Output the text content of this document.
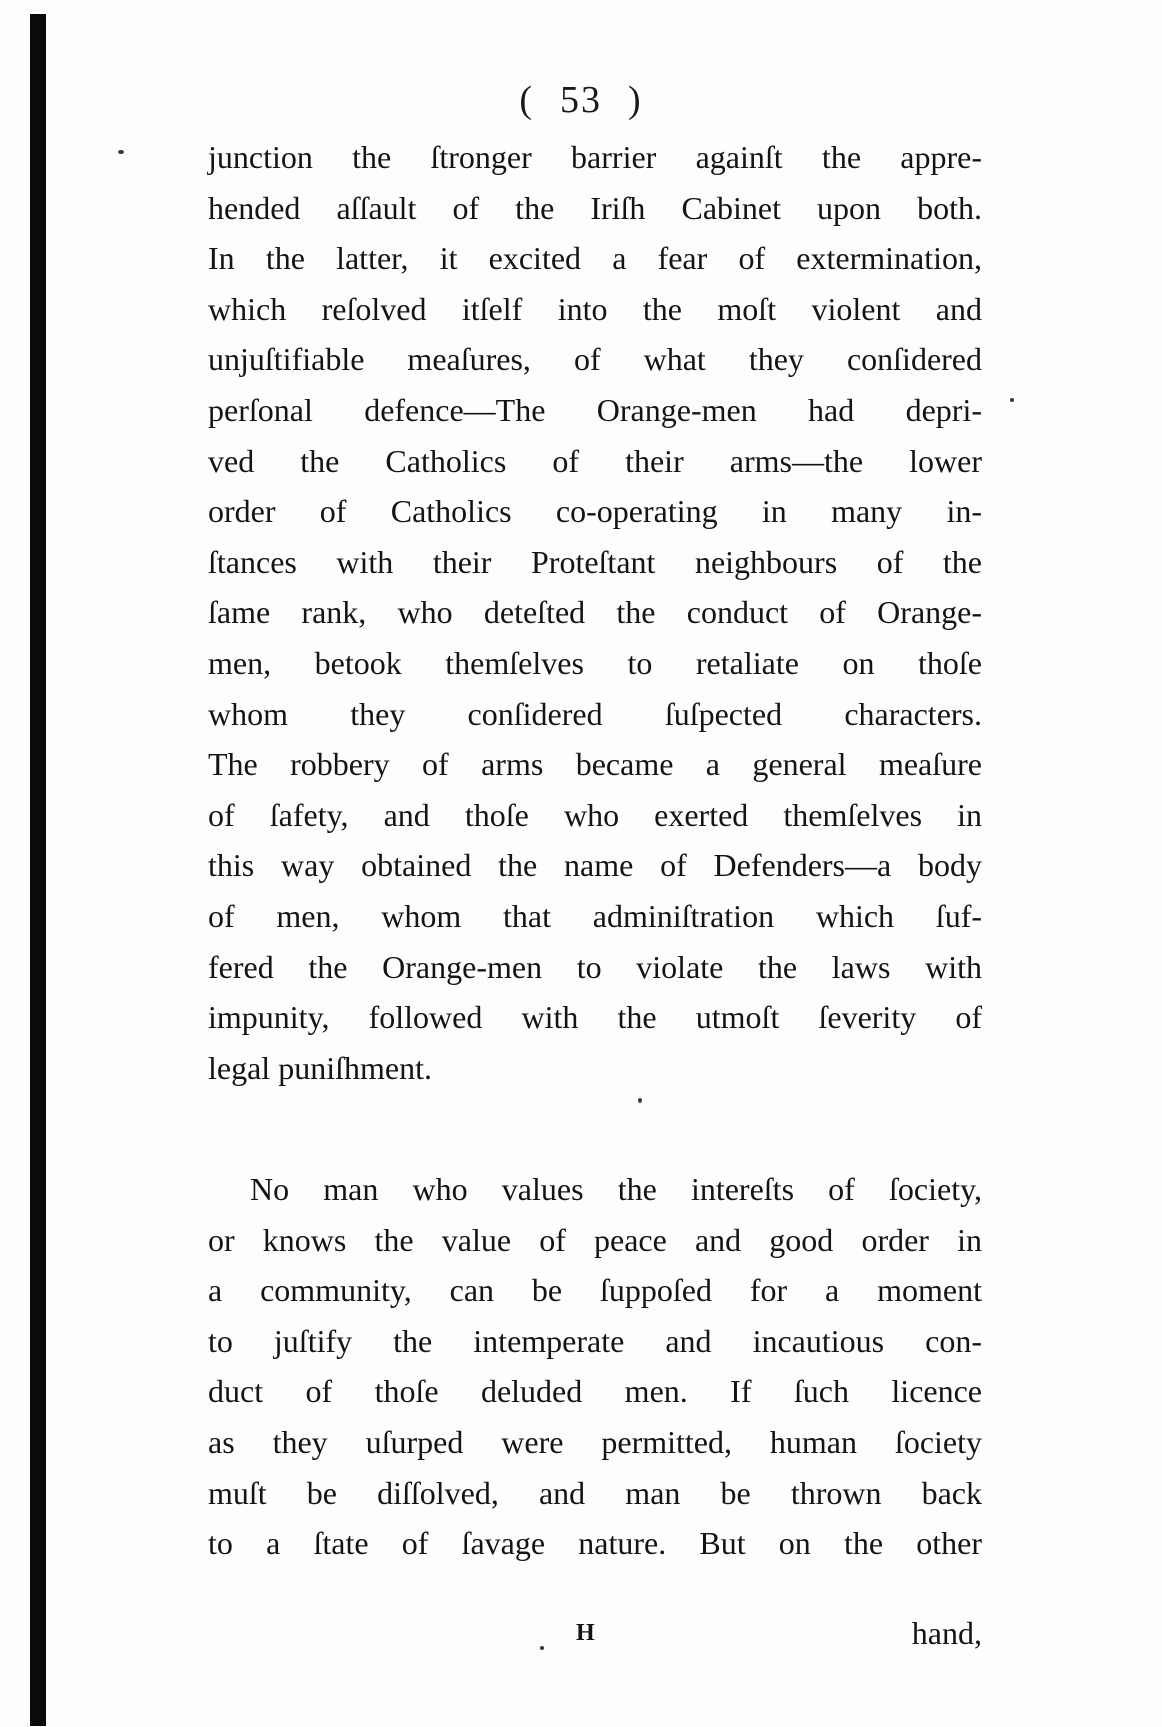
( 53 )
junction the ſtronger barrier againſt the appre-
hended aſſault of the Iriſh Cabinet upon both.
In the latter, it excited a fear of extermination,
which reſolved itſelf into the moſt violent and
unjuſtifiable meaſures, of what they conſidered
perſonal defence—The Orange-men had depri-
ved the Catholics of their arms—the lower
order of Catholics co-operating in many in-
ſtances with their Proteſtant neighbours of the
ſame rank, who deteſted the conduct of Orange-
men, betook themſelves to retaliate on thoſe
whom they conſidered ſuſpected characters.
The robbery of arms became a general meaſure
of ſafety, and thoſe who exerted themſelves in
this way obtained the name of Defenders—a body
of men, whom that adminiſtration which ſuf-
fered the Orange-men to violate the laws with
impunity, followed with the utmoſt ſeverity of
legal puniſhment.
No man who values the intereſts of ſociety,
or knows the value of peace and good order in
a community, can be ſuppoſed for a moment
to juſtify the intemperate and incautious con-
duct of thoſe deluded men. If ſuch licence
as they uſurped were permitted, human ſociety
muſt be diſſolved, and man be thrown back
to a ſtate of ſavage nature. But on the other
H	hand,
